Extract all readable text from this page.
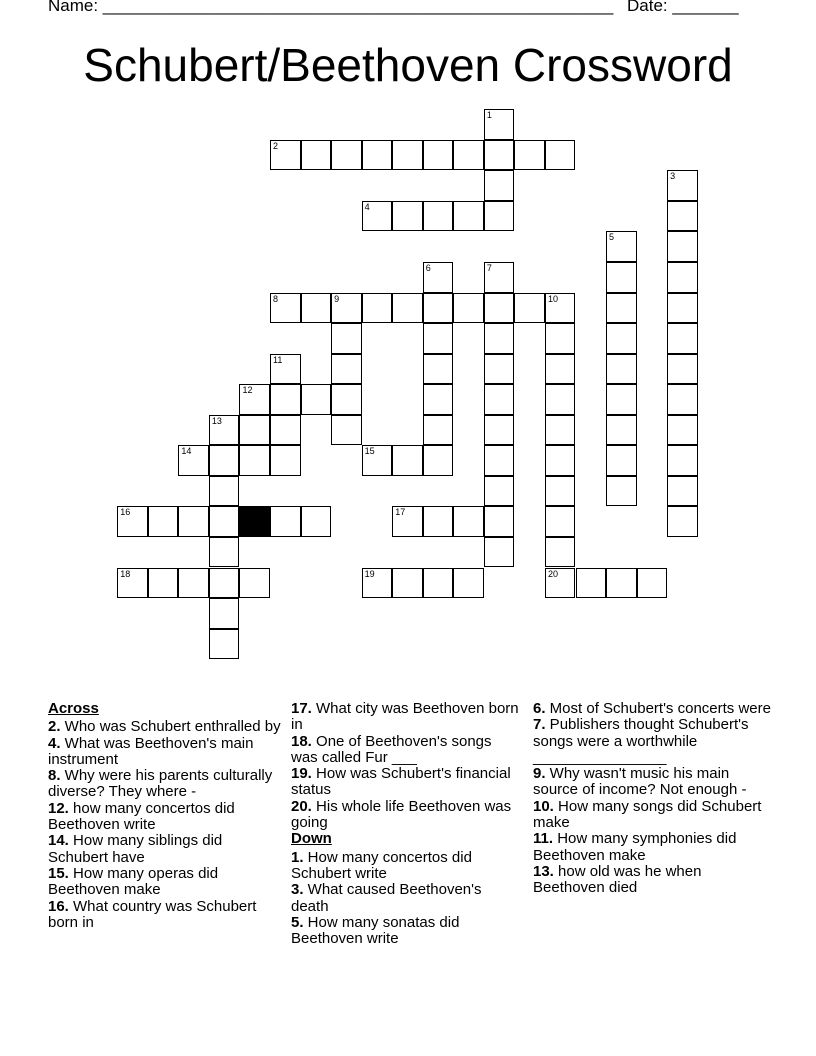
Name: ______________________________________________________ Date: _______
Schubert/Beethoven Crossword
1
2
3
4
5
6	7
8	9	10
11
12
13
14	15
16	17
18	19	20
Across
2. Who was Schubert enthralled by
4. What was Beethoven's main instrument
8. Why were his parents culturally diverse? They where -
12. how many concertos did Beethoven write
14. How many siblings did Schubert have
15. How many operas did Beethoven make
16. What country was Schubert born in
17. What city was Beethoven born in
18. One of Beethoven's songs was called Fur ___
19. How was Schubert's financial status
20. His whole life Beethoven was going
Down
1. How many concertos did Schubert write
3. What caused Beethoven's death
5. How many sonatas did Beethoven write
6. Most of Schubert's concerts were
7. Publishers thought Schubert's songs were a worthwhile ________________
9. Why wasn't music his main source of income? Not enough -
10. How many songs did Schubert make
11. How many symphonies did Beethoven make
13. how old was he when Beethoven died
